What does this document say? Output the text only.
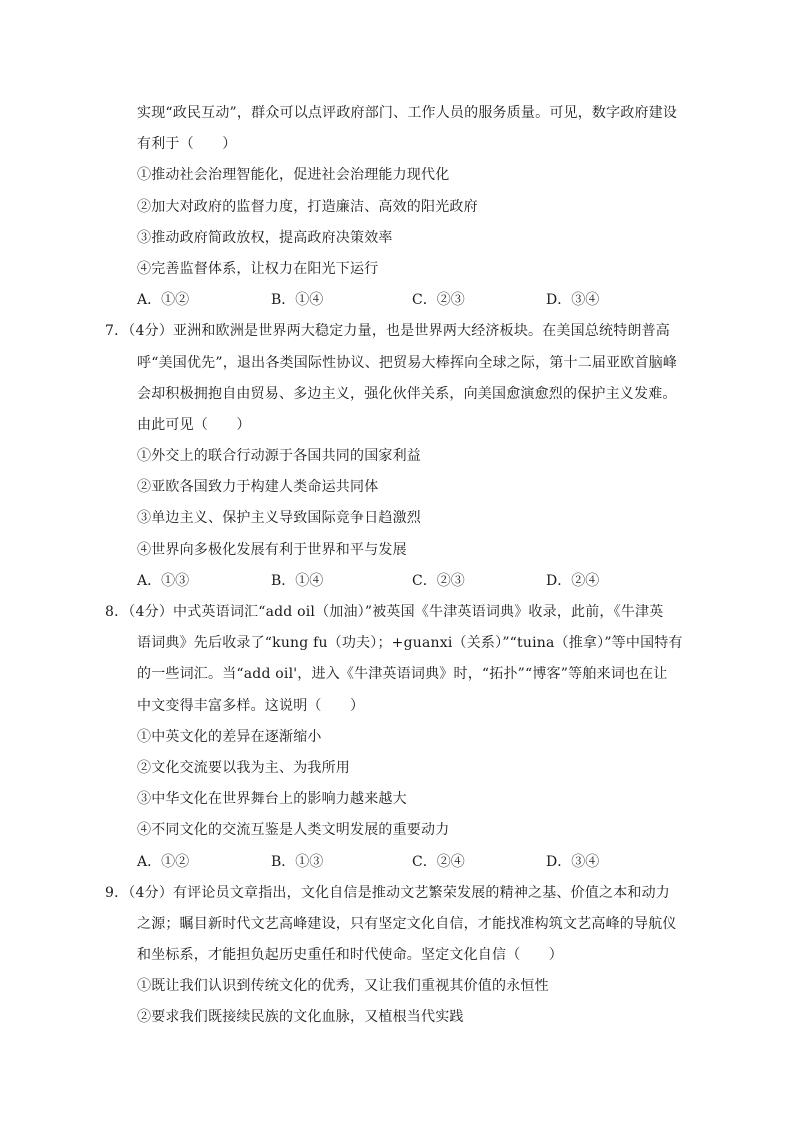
实现“政民互动”，群众可以点评政府部门、工作人员的服务质量。可见，数字政府建设
有利于（　　）
①推动社会治理智能化，促进社会治理能力现代化
②加大对政府的监督力度，打造廉洁、高效的阳光政府
③推动政府简政放权，提高政府决策效率
④完善监督体系，让权力在阳光下运行
A．①②	B．①④	C．②③	D．③④
7．（4分）亚洲和欧洲是世界两大稳定力量，也是世界两大经济板块。在美国总统特朗普高
呼“美国优先”，退出各类国际性协议、把贸易大棒挥向全球之际，第十二届亚欧首脑峰
会却积极拥抱自由贸易、多边主义，强化伙伴关系，向美国愈演愈烈的保护主义发难。
由此可见（　　）
①外交上的联合行动源于各国共同的国家利益
②亚欧各国致力于构建人类命运共同体
③单边主义、保护主义导致国际竞争日趋激烈
④世界向多极化发展有利于世界和平与发展
A．①③	B．①④	C．②③	D．②④
8．（4分）中式英语词汇“add oil（加油）”被英国《牛津英语词典》收录，此前，《牛津英
语词典》先后收录了“kung fu（功夫）；+guanxi（关系）”“tuina（推拿）”等中国特有
的一些词汇。当“add oil'，进入《牛津英语词典》时，“拓扑”“博客”等舶来词也在让
中文变得丰富多样。这说明（　　）
①中英文化的差异在逐渐缩小
②文化交流要以我为主、为我所用
③中华文化在世界舞台上的影响力越来越大
④不同文化的交流互鉴是人类文明发展的重要动力
A．①②	B．①③	C．②④	D．③④
9．（4分）有评论员文章指出，文化自信是推动文艺繁荣发展的精神之基、价值之本和动力
之源；瞩目新时代文艺高峰建设，只有坚定文化自信，才能找准构筑文艺高峰的导航仪
和坐标系，才能担负起历史重任和时代使命。坚定文化自信（　　）
①既让我们认识到传统文化的优秀，又让我们重视其价值的永恒性
②要求我们既接续民族的文化血脉，又植根当代实践
